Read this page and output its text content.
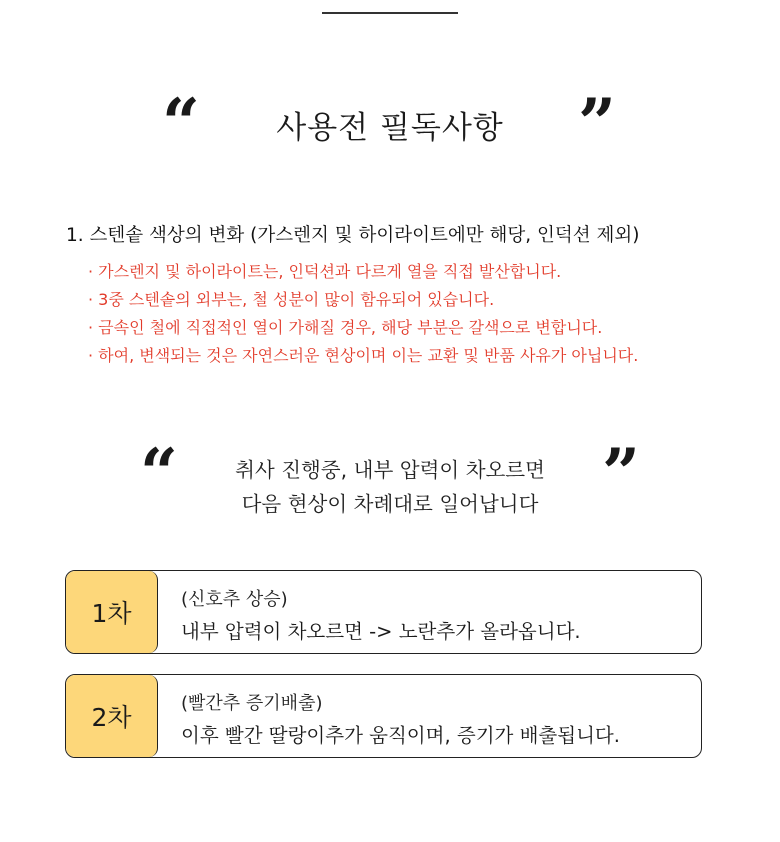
“	사용전 필독사항	”
1. 스텐솥 색상의 변화 (가스렌지 및 하이라이트에만 해당, 인덕션 제외)
· 가스렌지 및 하이라이트는, 인덕션과 다르게 열을 직접 발산합니다.
· 3중 스텐솥의 외부는, 철 성분이 많이 함유되어 있습니다.
· 금속인 철에 직접적인 열이 가해질 경우, 해당 부분은 갈색으로 변합니다.
· 하여, 변색되는 것은 자연스러운 현상이며 이는 교환 및 반품 사유가 아닙니다.
“	”
취사 진행중, 내부 압력이 차오르면
다음 현상이 차례대로 일어납니다
1차	(신호추 상승)
내부 압력이 차오르면 -> 노란추가 올라옵니다.
2차	(빨간추 증기배출)
이후 빨간 딸랑이추가 움직이며, 증기가 배출됩니다.
